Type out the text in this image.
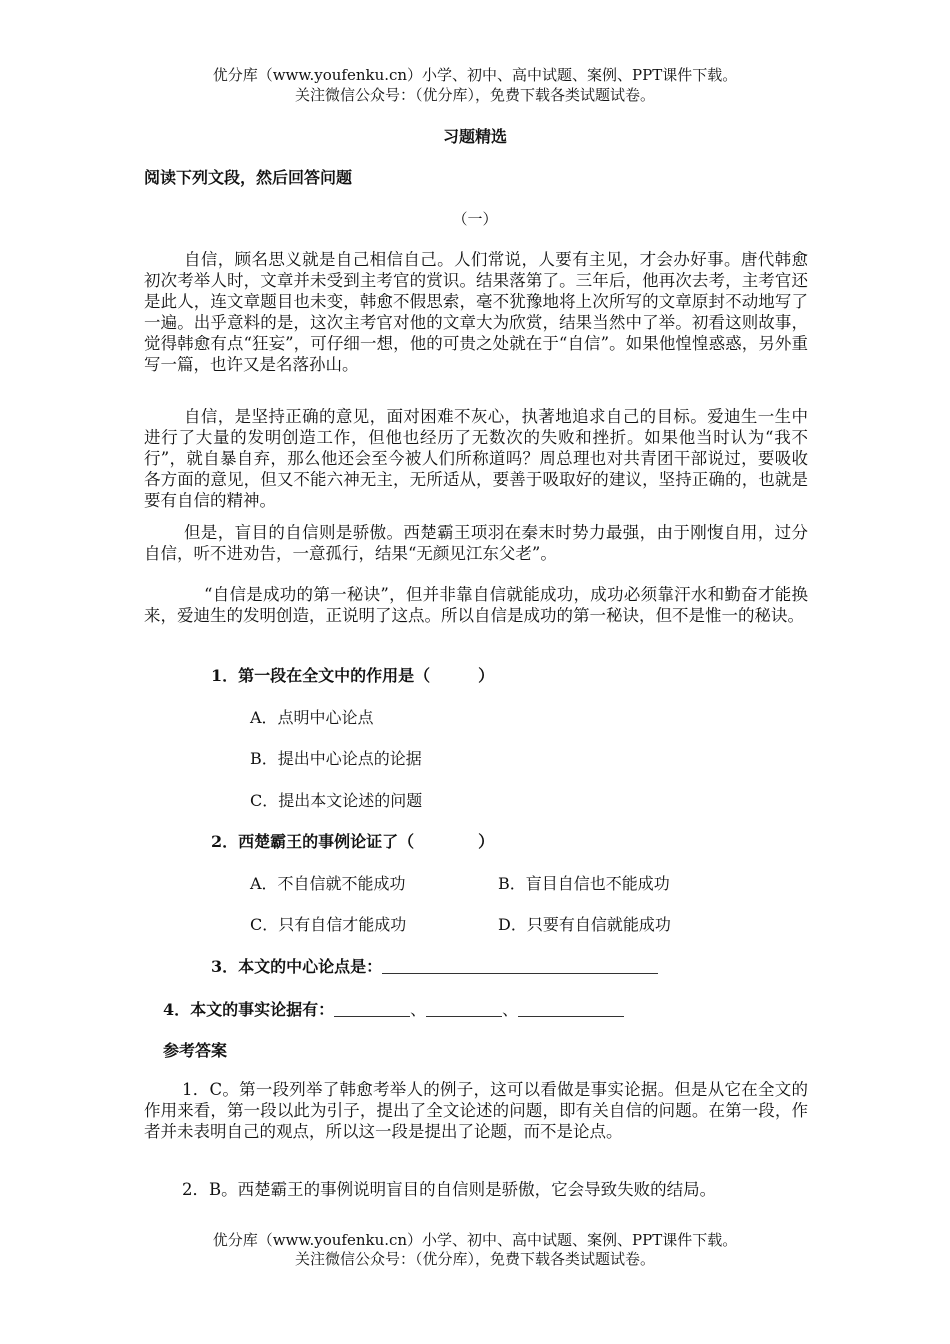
优分库（www.youfenku.cn）小学、初中、高中试题、案例、PPT课件下载。
关注微信公众号：（优分库），免费下载各类试题试卷。
习题精选
阅读下列文段，然后回答问题
（一）
自信，顾名思义就是自己相信自己。人们常说，人要有主见，才会办好事。唐代韩愈初次考举人时，文章并未受到主考官的赏识。结果落第了。三年后，他再次去考，主考官还是此人，连文章题目也未变，韩愈不假思索，毫不犹豫地将上次所写的文章原封不动地写了一遍。出乎意料的是，这次主考官对他的文章大为欣赏，结果当然中了举。初看这则故事，觉得韩愈有点“狂妄”，可仔细一想，他的可贵之处就在于“自信”。如果他惶惶惑惑，另外重写一篇，也许又是名落孙山。
自信，是坚持正确的意见，面对困难不灰心，执著地追求自己的目标。爱迪生一生中进行了大量的发明创造工作，但他也经历了无数次的失败和挫折。如果他当时认为“我不行”，就自暴自弃，那么他还会至今被人们所称道吗？周总理也对共青团干部说过，要吸收各方面的意见，但又不能六神无主，无所适从，要善于吸取好的建议，坚持正确的，也就是要有自信的精神。
但是，盲目的自信则是骄傲。西楚霸王项羽在秦末时势力最强，由于刚愎自用，过分自信，听不进劝告，一意孤行，结果“无颜见江东父老”。
“自信是成功的第一秘诀”，但并非靠自信就能成功，成功必须靠汗水和勤奋才能换来，爱迪生的发明创造，正说明了这点。所以自信是成功的第一秘诀，但不是惟一的秘诀。
1．第一段在全文中的作用是（　　　）
A．点明中心论点
B．提出中心论点的论据
C．提出本文论述的问题
2．西楚霸王的事例论证了（　　　　）
A．不自信就不能成功	B．盲目自信也不能成功
C．只有自信才能成功	D．只要有自信就能成功
3．本文的中心论点是：
4．本文的事实论据有：	、	、
参考答案
1．C。第一段列举了韩愈考举人的例子，这可以看做是事实论据。但是从它在全文的作用来看，第一段以此为引子，提出了全文论述的问题，即有关自信的问题。在第一段，作者并未表明自己的观点，所以这一段是提出了论题，而不是论点。
2．B。西楚霸王的事例说明盲目的自信则是骄傲，它会导致失败的结局。
优分库（www.youfenku.cn）小学、初中、高中试题、案例、PPT课件下载。
关注微信公众号：（优分库），免费下载各类试题试卷。
